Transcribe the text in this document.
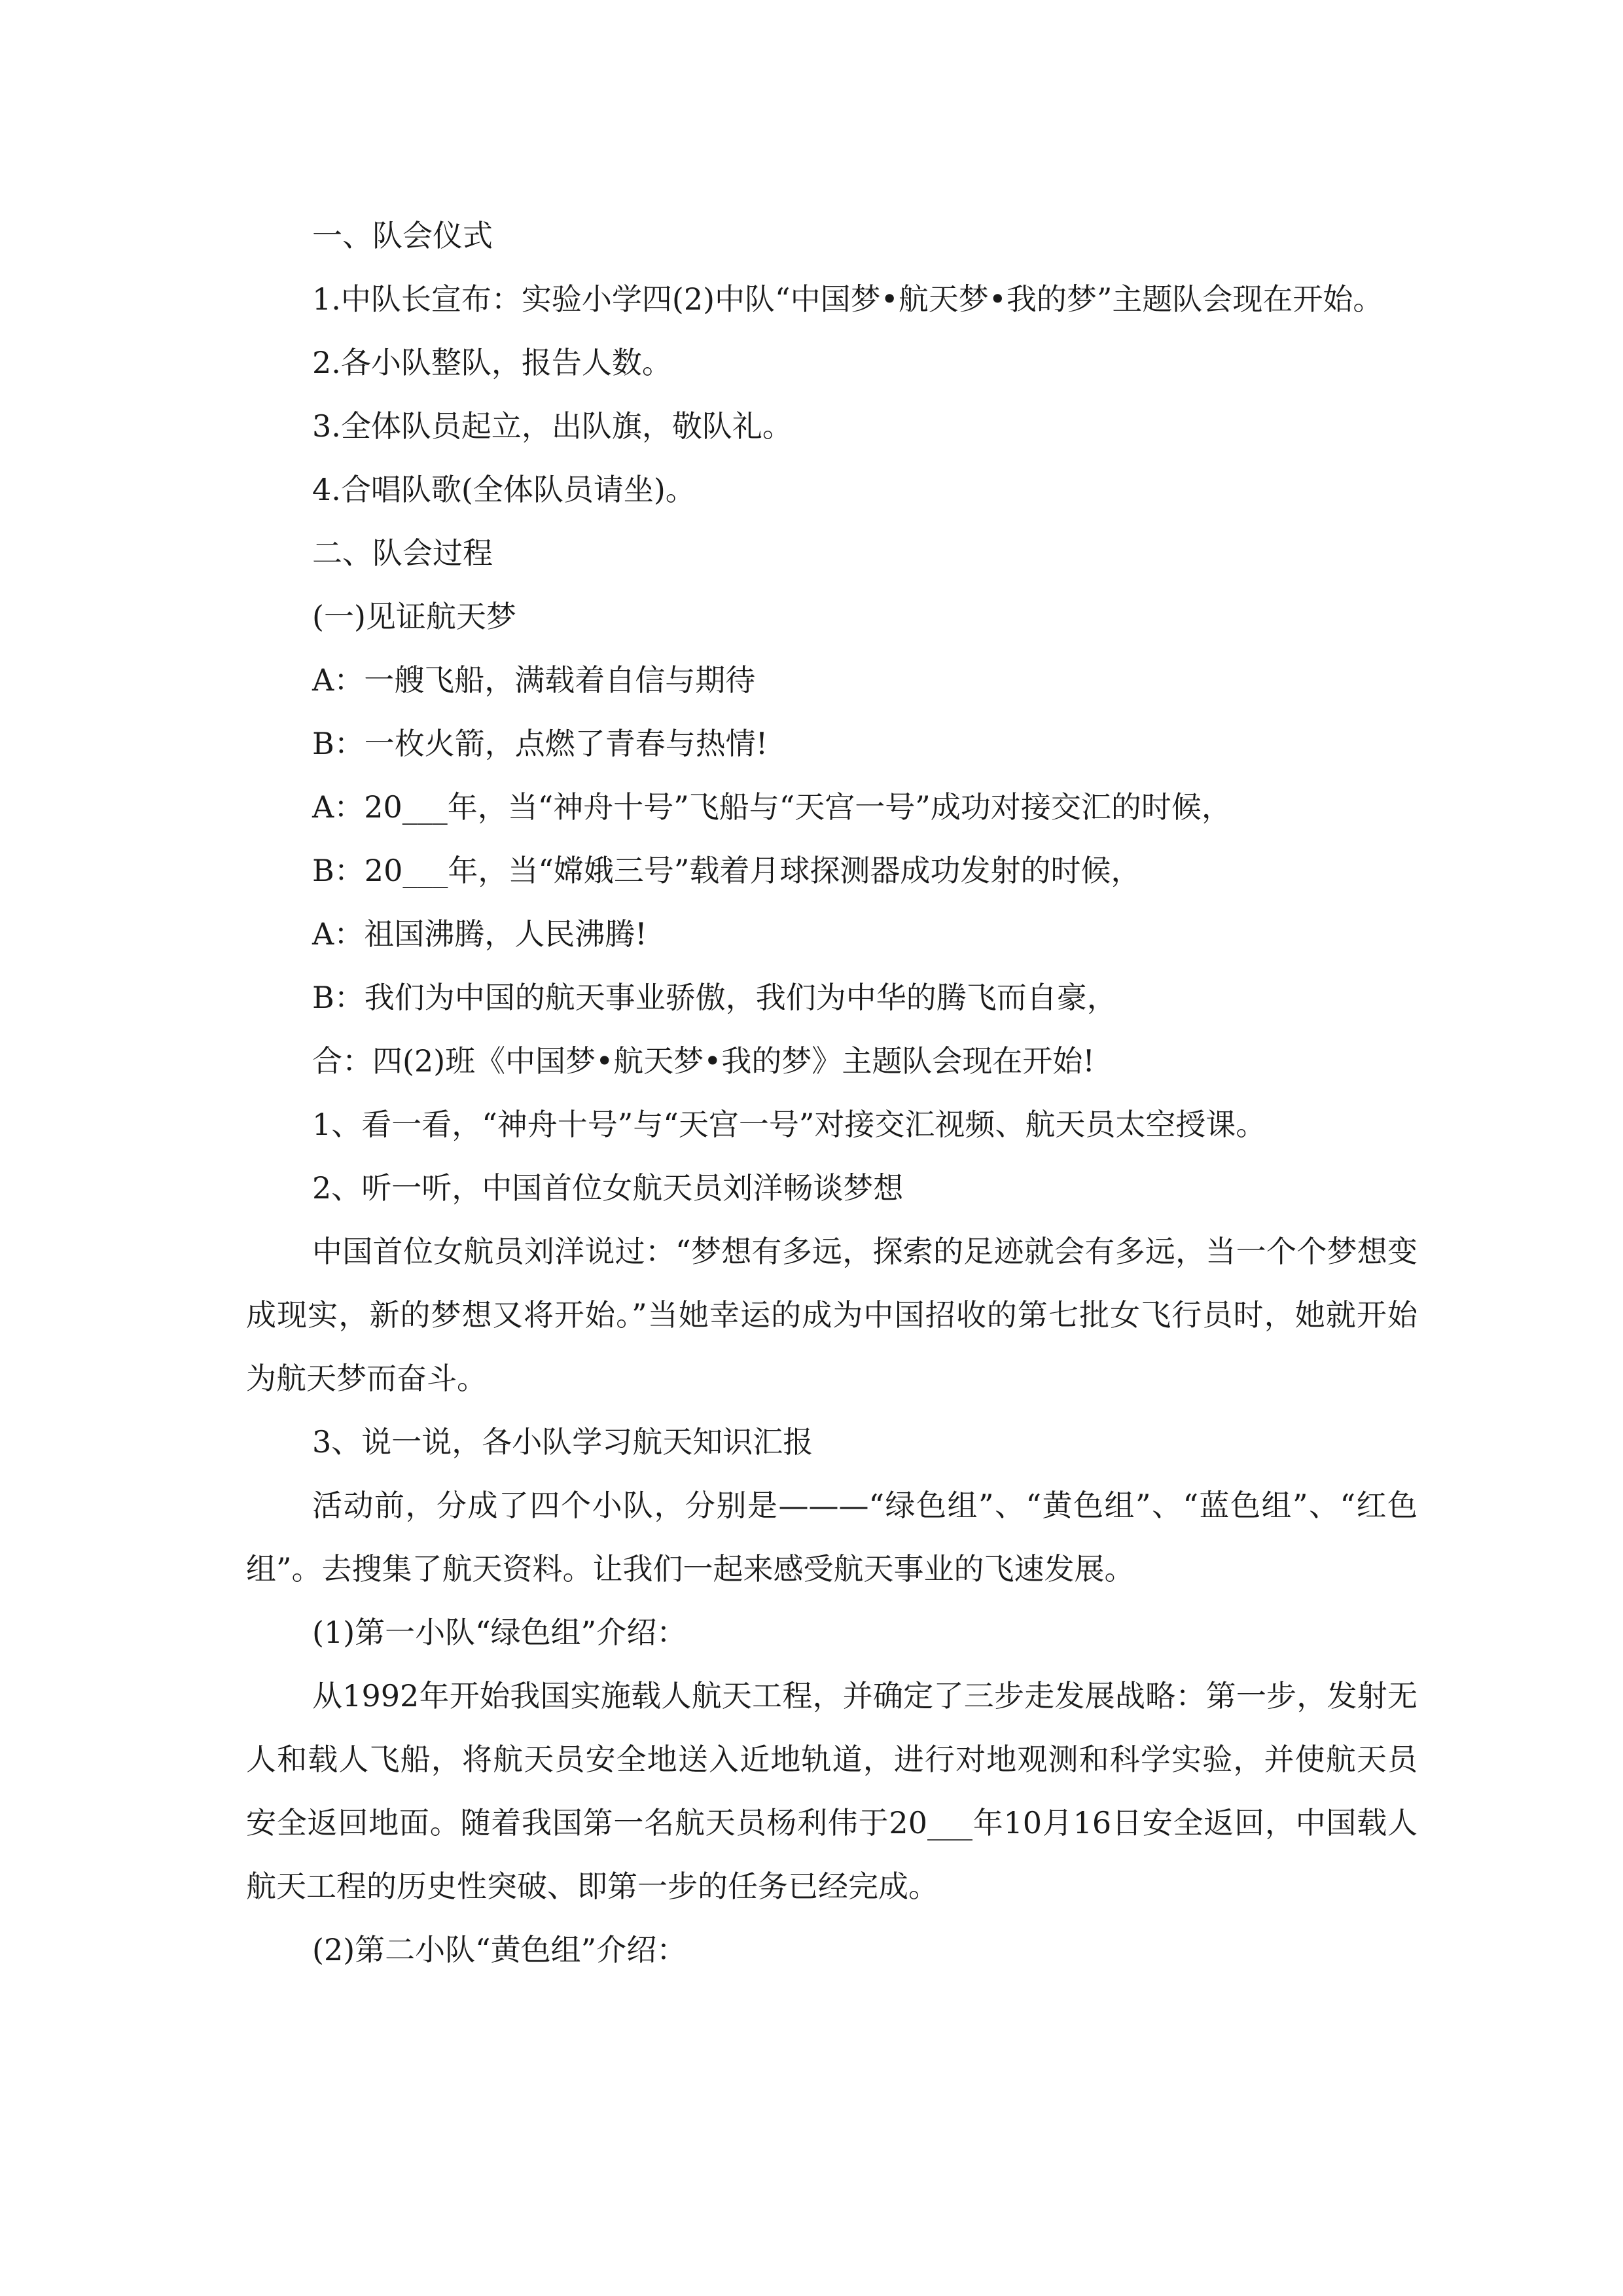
一、队会仪式

1.中队长宣布：实验小学四(2)中队“中国梦•航天梦•我的梦”主题队会现在开始。

2.各小队整队，报告人数。

3.全体队员起立，出队旗，敬队礼。

4.合唱队歌(全体队员请坐)。

二、队会过程

(一)见证航天梦

A：一艘飞船，满载着自信与期待

B：一枚火箭，点燃了青春与热情!

A：20___年，当“神舟十号”飞船与“天宫一号”成功对接交汇的时候，

B：20___年，当“嫦娥三号”载着月球探测器成功发射的时候，

A：祖国沸腾，人民沸腾!

B：我们为中国的航天事业骄傲，我们为中华的腾飞而自豪，

合：四(2)班《中国梦•航天梦•我的梦》主题队会现在开始!

1、看一看，“神舟十号”与“天宫一号”对接交汇视频、航天员太空授课。

2、听一听，中国首位女航天员刘洋畅谈梦想

中国首位女航员刘洋说过：“梦想有多远，探索的足迹就会有多远，当一个个梦想变成现实，新的梦想又将开始。”当她幸运的成为中国招收的第七批女飞行员时，她就开始为航天梦而奋斗。

3、说一说，各小队学习航天知识汇报

活动前，分成了四个小队，分别是———“绿色组”、“黄色组”、“蓝色组”、“红色组”。去搜集了航天资料。让我们一起来感受航天事业的飞速发展。

(1)第一小队“绿色组”介绍：

从1992年开始我国实施载人航天工程，并确定了三步走发展战略：第一步，发射无人和载人飞船，将航天员安全地送入近地轨道，进行对地观测和科学实验，并使航天员安全返回地面。随着我国第一名航天员杨利伟于20___年10月16日安全返回，中国载人航天工程的历史性突破、即第一步的任务已经完成。

(2)第二小队“黄色组”介绍：
